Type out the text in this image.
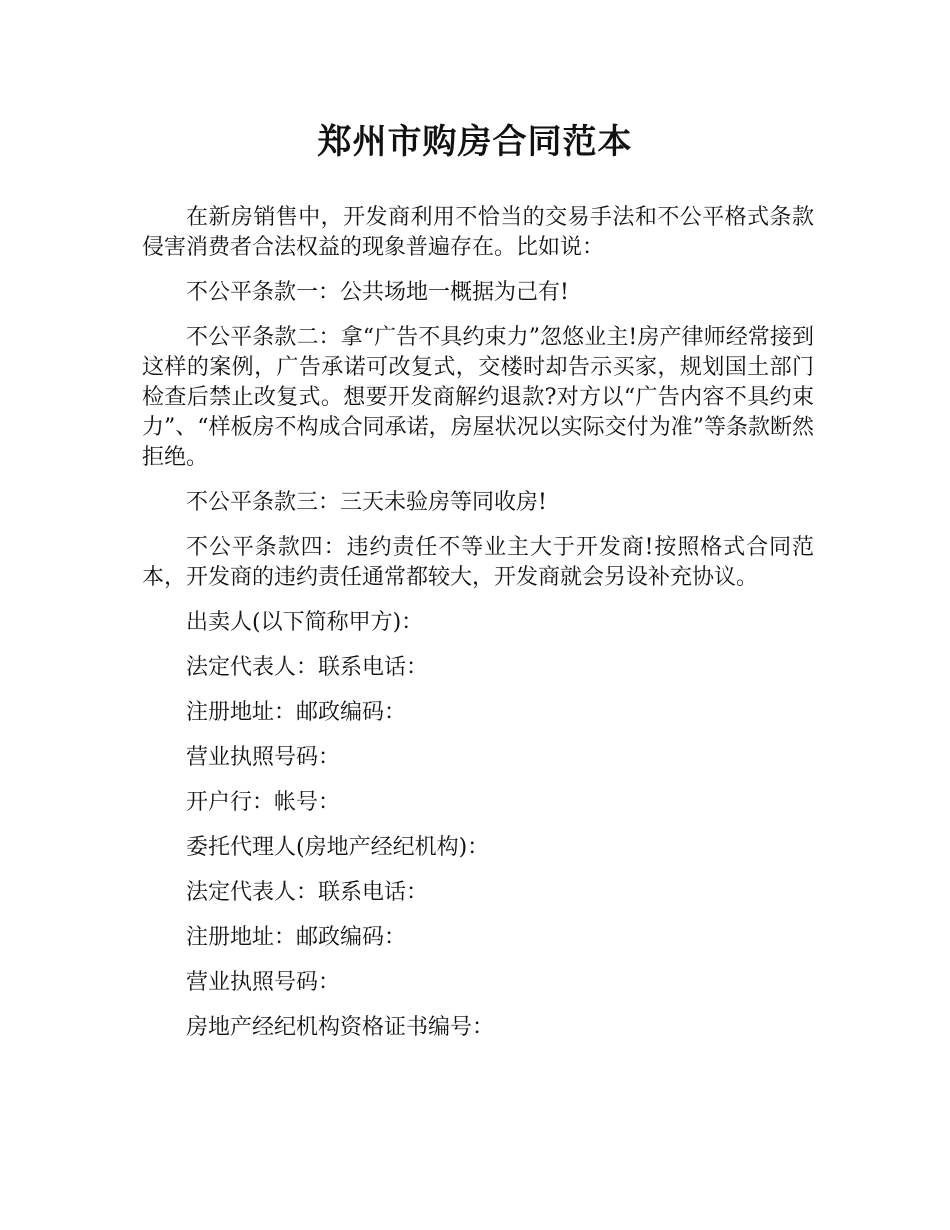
郑州市购房合同范本

在新房销售中，开发商利用不恰当的交易手法和不公平格式条款侵害消费者合法权益的现象普遍存在。比如说：

不公平条款一：公共场地一概据为己有!

不公平条款二：拿“广告不具约束力”忽悠业主!房产律师经常接到这样的案例，广告承诺可改复式，交楼时却告示买家，规划国土部门检查后禁止改复式。想要开发商解约退款?对方以“广告内容不具约束力”、“样板房不构成合同承诺，房屋状况以实际交付为准”等条款断然拒绝。

不公平条款三：三天未验房等同收房!

不公平条款四：违约责任不等业主大于开发商!按照格式合同范本，开发商的违约责任通常都较大，开发商就会另设补充协议。

出卖人(以下简称甲方)：

法定代表人：联系电话：

注册地址：邮政编码：

营业执照号码：

开户行：帐号：

委托代理人(房地产经纪机构)：

法定代表人：联系电话：

注册地址：邮政编码：

营业执照号码：

房地产经纪机构资格证书编号：
